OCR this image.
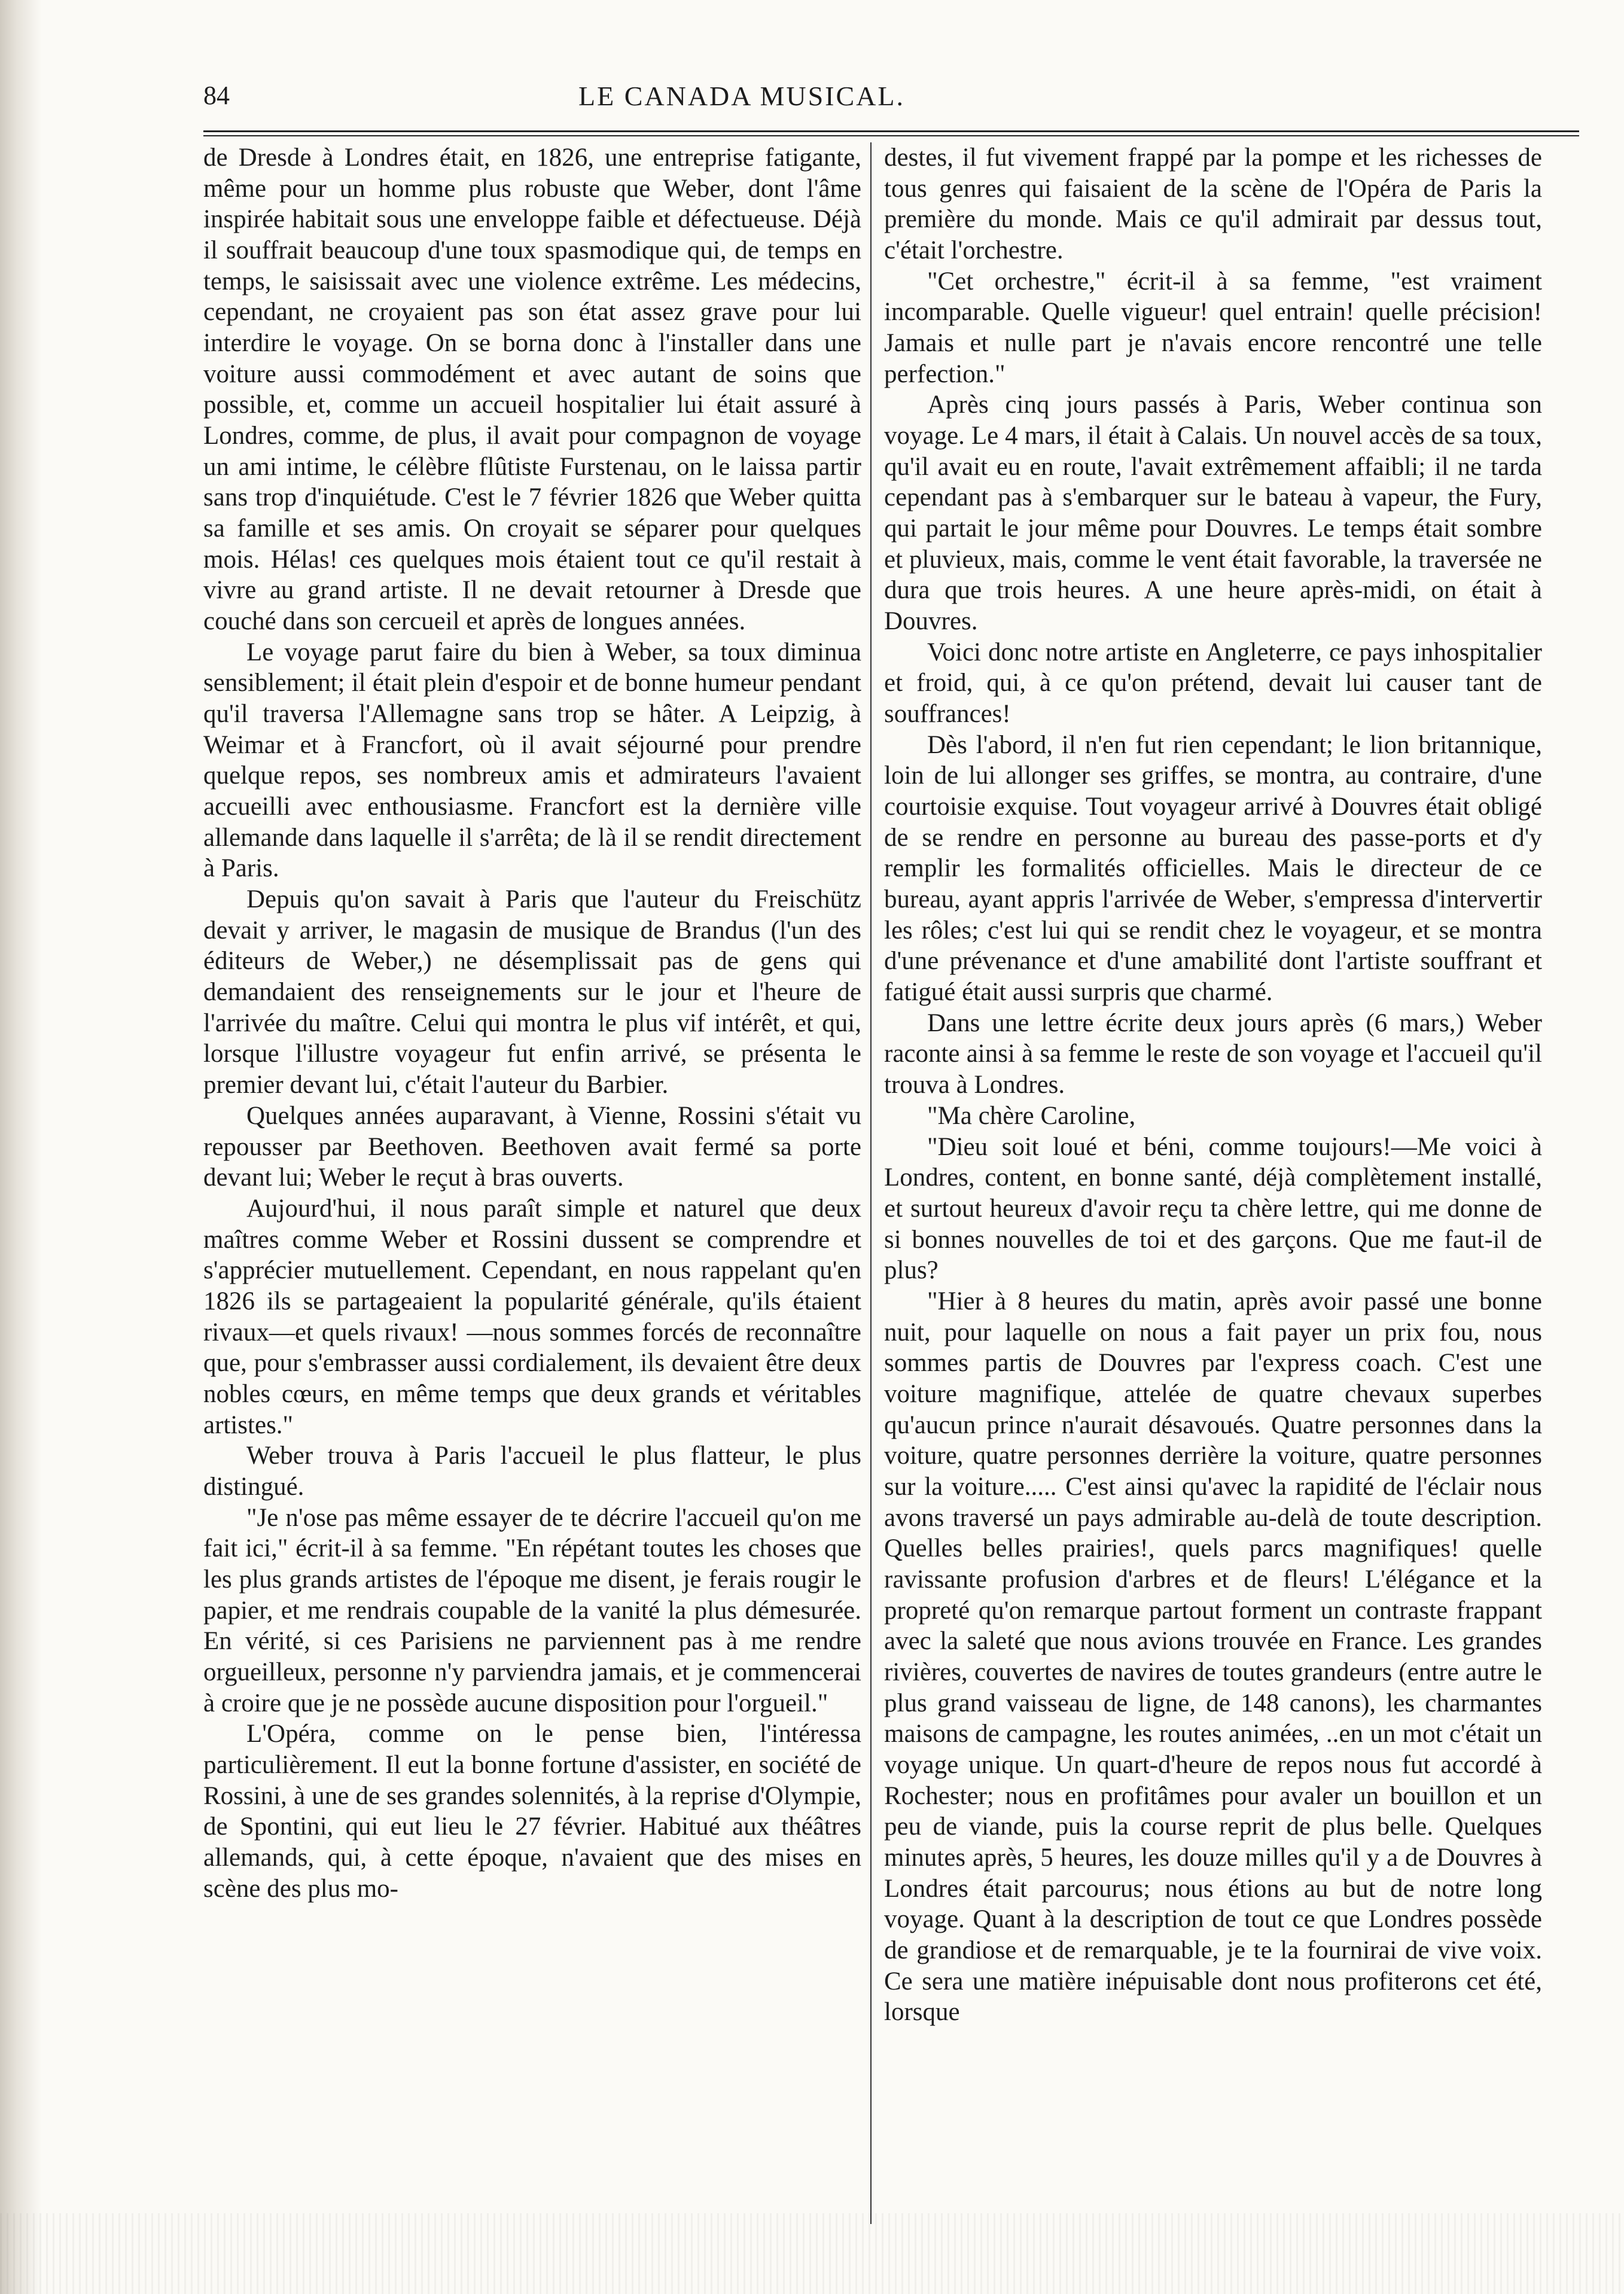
84	LE CANADA MUSICAL.

de Dresde à Londres était, en 1826, une entreprise fatigante, même pour un homme plus robuste que Weber, dont l'âme inspirée habitait sous une enveloppe faible et défectueuse. Déjà il souffrait beaucoup d'une toux spasmodique qui, de temps en temps, le saisissait avec une violence extrême. Les médecins, cependant, ne croyaient pas son état assez grave pour lui interdire le voyage. On se borna donc à l'installer dans une voiture aussi commodément et avec autant de soins que possible, et, comme un accueil hospitalier lui était assuré à Londres, comme, de plus, il avait pour compagnon de voyage un ami intime, le célèbre flûtiste Furstenau, on le laissa partir sans trop d'inquiétude. C'est le 7 février 1826 que Weber quitta sa famille et ses amis. On croyait se séparer pour quelques mois. Hélas! ces quelques mois étaient tout ce qu'il restait à vivre au grand artiste. Il ne devait retourner à Dresde que couché dans son cercueil et après de longues années.

Le voyage parut faire du bien à Weber, sa toux diminua sensiblement; il était plein d'espoir et de bonne humeur pendant qu'il traversa l'Allemagne sans trop se hâter. A Leipzig, à Weimar et à Francfort, où il avait séjourné pour prendre quelque repos, ses nombreux amis et admirateurs l'avaient accueilli avec enthousiasme. Francfort est la dernière ville allemande dans laquelle il s'arrêta; de là il se rendit directement à Paris.

Depuis qu'on savait à Paris que l'auteur du Freischütz devait y arriver, le magasin de musique de Brandus (l'un des éditeurs de Weber,) ne désemplissait pas de gens qui demandaient des renseignements sur le jour et l'heure de l'arrivée du maître. Celui qui montra le plus vif intérêt, et qui, lorsque l'illustre voyageur fut enfin arrivé, se présenta le premier devant lui, c'était l'auteur du Barbier.

Quelques années auparavant, à Vienne, Rossini s'était vu repousser par Beethoven. Beethoven avait fermé sa porte devant lui; Weber le reçut à bras ouverts.

Aujourd'hui, il nous paraît simple et naturel que deux maîtres comme Weber et Rossini dussent se comprendre et s'apprécier mutuellement. Cependant, en nous rappelant qu'en 1826 ils se partageaient la popularité générale, qu'ils étaient rivaux—et quels rivaux! —nous sommes forcés de reconnaître que, pour s'embrasser aussi cordialement, ils devaient être deux nobles cœurs, en même temps que deux grands et véritables artistes."

Weber trouva à Paris l'accueil le plus flatteur, le plus distingué.

"Je n'ose pas même essayer de te décrire l'accueil qu'on me fait ici," écrit-il à sa femme. "En répétant toutes les choses que les plus grands artistes de l'époque me disent, je ferais rougir le papier, et me rendrais coupable de la vanité la plus démesurée. En vérité, si ces Parisiens ne parviennent pas à me rendre orgueilleux, personne n'y parviendra jamais, et je commencerai à croire que je ne possède aucune disposition pour l'orgueil."

L'Opéra, comme on le pense bien, l'intéressa particulièrement. Il eut la bonne fortune d'assister, en société de Rossini, à une de ses grandes solennités, à la reprise d'Olympie, de Spontini, qui eut lieu le 27 février. Habitué aux théâtres allemands, qui, à cette époque, n'avaient que des mises en scène des plus mo-

destes, il fut vivement frappé par la pompe et les richesses de tous genres qui faisaient de la scène de l'Opéra de Paris la première du monde. Mais ce qu'il admirait par dessus tout, c'était l'orchestre.

"Cet orchestre," écrit-il à sa femme, "est vraiment incomparable. Quelle vigueur! quel entrain! quelle précision! Jamais et nulle part je n'avais encore rencontré une telle perfection."

Après cinq jours passés à Paris, Weber continua son voyage. Le 4 mars, il était à Calais. Un nouvel accès de sa toux, qu'il avait eu en route, l'avait extrêmement affaibli; il ne tarda cependant pas à s'embarquer sur le bateau à vapeur, the Fury, qui partait le jour même pour Douvres. Le temps était sombre et pluvieux, mais, comme le vent était favorable, la traversée ne dura que trois heures. A une heure après-midi, on était à Douvres.

Voici donc notre artiste en Angleterre, ce pays inhospitalier et froid, qui, à ce qu'on prétend, devait lui causer tant de souffrances!

Dès l'abord, il n'en fut rien cependant; le lion britannique, loin de lui allonger ses griffes, se montra, au contraire, d'une courtoisie exquise. Tout voyageur arrivé à Douvres était obligé de se rendre en personne au bureau des passe-ports et d'y remplir les formalités officielles. Mais le directeur de ce bureau, ayant appris l'arrivée de Weber, s'empressa d'intervertir les rôles; c'est lui qui se rendit chez le voyageur, et se montra d'une prévenance et d'une amabilité dont l'artiste souffrant et fatigué était aussi surpris que charmé.

Dans une lettre écrite deux jours après (6 mars,) Weber raconte ainsi à sa femme le reste de son voyage et l'accueil qu'il trouva à Londres.

"Ma chère Caroline,

"Dieu soit loué et béni, comme toujours!—Me voici à Londres, content, en bonne santé, déjà complètement installé, et surtout heureux d'avoir reçu ta chère lettre, qui me donne de si bonnes nouvelles de toi et des garçons. Que me faut-il de plus?

"Hier à 8 heures du matin, après avoir passé une bonne nuit, pour laquelle on nous a fait payer un prix fou, nous sommes partis de Douvres par l'express coach. C'est une voiture magnifique, attelée de quatre chevaux superbes qu'aucun prince n'aurait désavoués. Quatre personnes dans la voiture, quatre personnes derrière la voiture, quatre personnes sur la voiture..... C'est ainsi qu'avec la rapidité de l'éclair nous avons traversé un pays admirable au-delà de toute description. Quelles belles prairies!, quels parcs magnifiques! quelle ravissante profusion d'arbres et de fleurs! L'élégance et la propreté qu'on remarque partout forment un contraste frappant avec la saleté que nous avions trouvée en France. Les grandes rivières, couvertes de navires de toutes grandeurs (entre autre le plus grand vaisseau de ligne, de 148 canons), les charmantes maisons de campagne, les routes animées, ..en un mot c'était un voyage unique. Un quart-d'heure de repos nous fut accordé à Rochester; nous en profitâmes pour avaler un bouillon et un peu de viande, puis la course reprit de plus belle. Quelques minutes après, 5 heures, les douze milles qu'il y a de Douvres à Londres était parcourus; nous étions au but de notre long voyage. Quant à la description de tout ce que Londres possède de grandiose et de remarquable, je te la fournirai de vive voix. Ce sera une matière inépuisable dont nous profiterons cet été, lorsque
